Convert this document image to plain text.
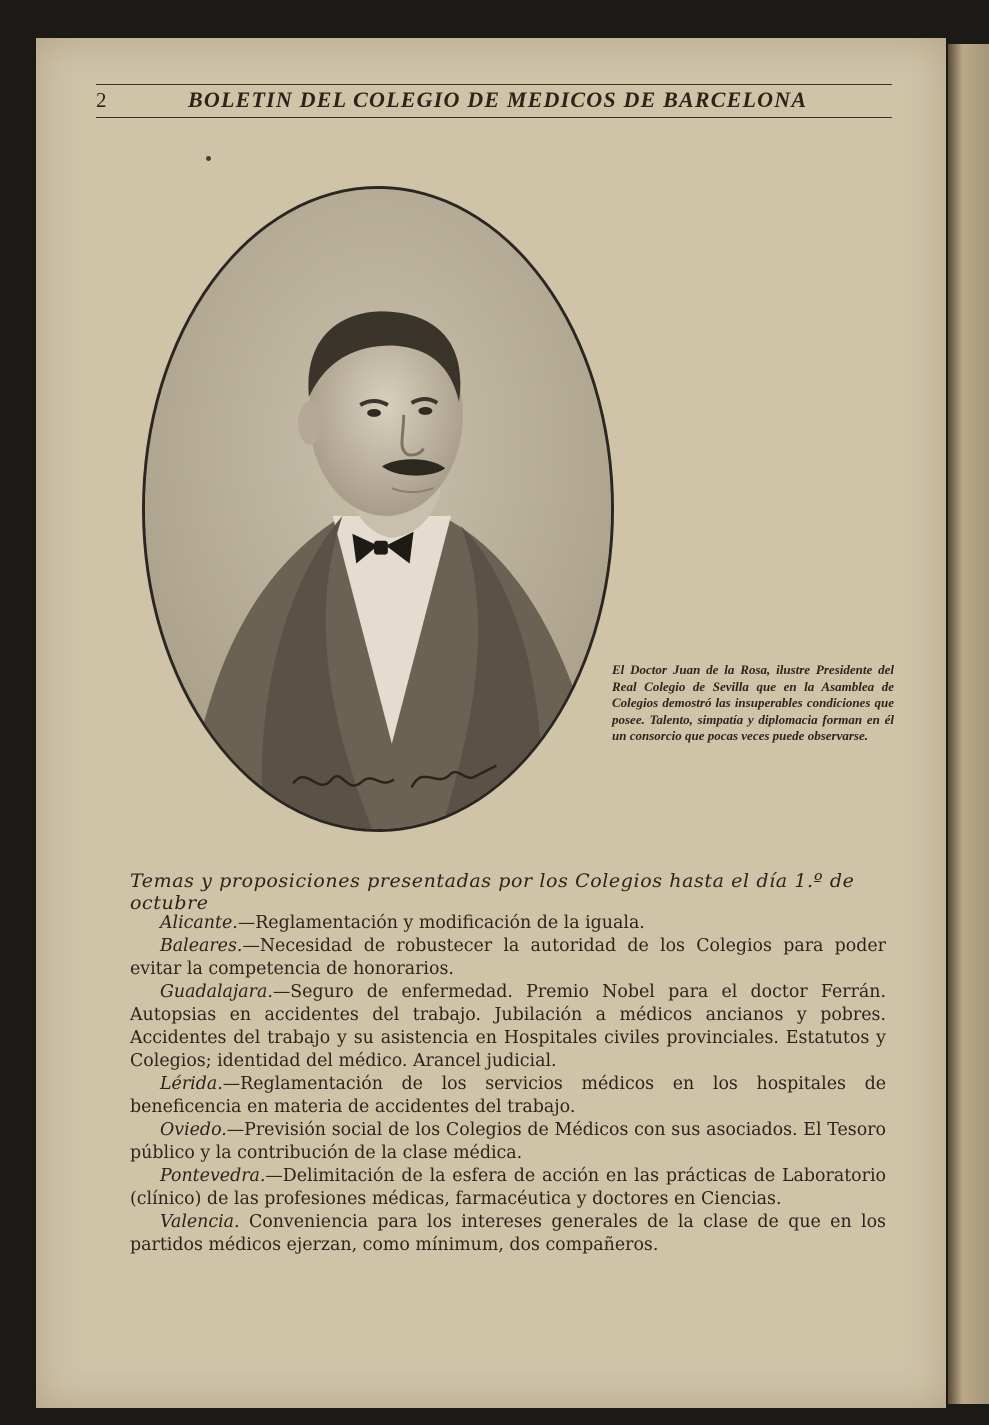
2	BOLETIN DEL COLEGIO DE MEDICOS DE BARCELONA
El Doctor Juan de la Rosa, ilustre Presidente del Real Colegio de Sevilla que en la Asamblea de Colegios demostró las insuperables condiciones que posee. Talento, simpatía y diplomacia forman en él un consorcio que pocas veces puede observarse.
Temas y proposiciones presentadas por los Colegios hasta el día 1.º de octubre

Alicante.—Reglamentación y modificación de la iguala.

Baleares.—Necesidad de robustecer la autoridad de los Colegios para poder evitar la competencia de honorarios.

Guadalajara.—Seguro de enfermedad. Premio Nobel para el doctor Ferrán. Autopsias en accidentes del trabajo. Jubilación a médicos ancianos y pobres. Accidentes del trabajo y su asistencia en Hospitales civiles provinciales. Estatutos y Colegios; identidad del médico. Arancel judicial.

Lérida.—Reglamentación de los servicios médicos en los hospitales de beneficencia en materia de accidentes del trabajo.

Oviedo.—Previsión social de los Colegios de Médicos con sus asociados. El Tesoro público y la contribución de la clase médica.

Pontevedra.—Delimitación de la esfera de acción en las prácticas de Laboratorio (clínico) de las profesiones médicas, farmacéutica y doctores en Ciencias.

Valencia. Conveniencia para los intereses generales de la clase de que en los partidos médicos ejerzan, como mínimum, dos compañeros.
